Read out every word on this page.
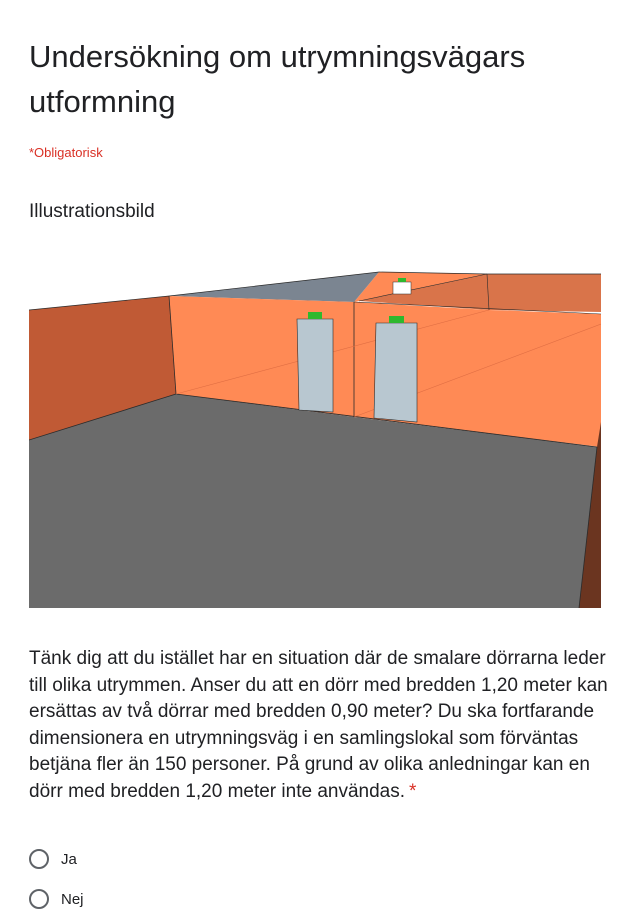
Undersökning om utrymningsvägars utformning
*Obligatorisk
Illustrationsbild

Tänk dig att du istället har en situation där de smalare dörrarna leder till olika utrymmen. Anser du att en dörr med bredden 1,20 meter kan ersättas av två dörrar med bredden 0,90 meter? Du ska fortfarande dimensionera en utrymningsväg i en samlingslokal som förväntas betjäna fler än 150 personer. På grund av olika anledningar kan en dörr med bredden 1,20 meter inte användas. *

Ja
Nej
